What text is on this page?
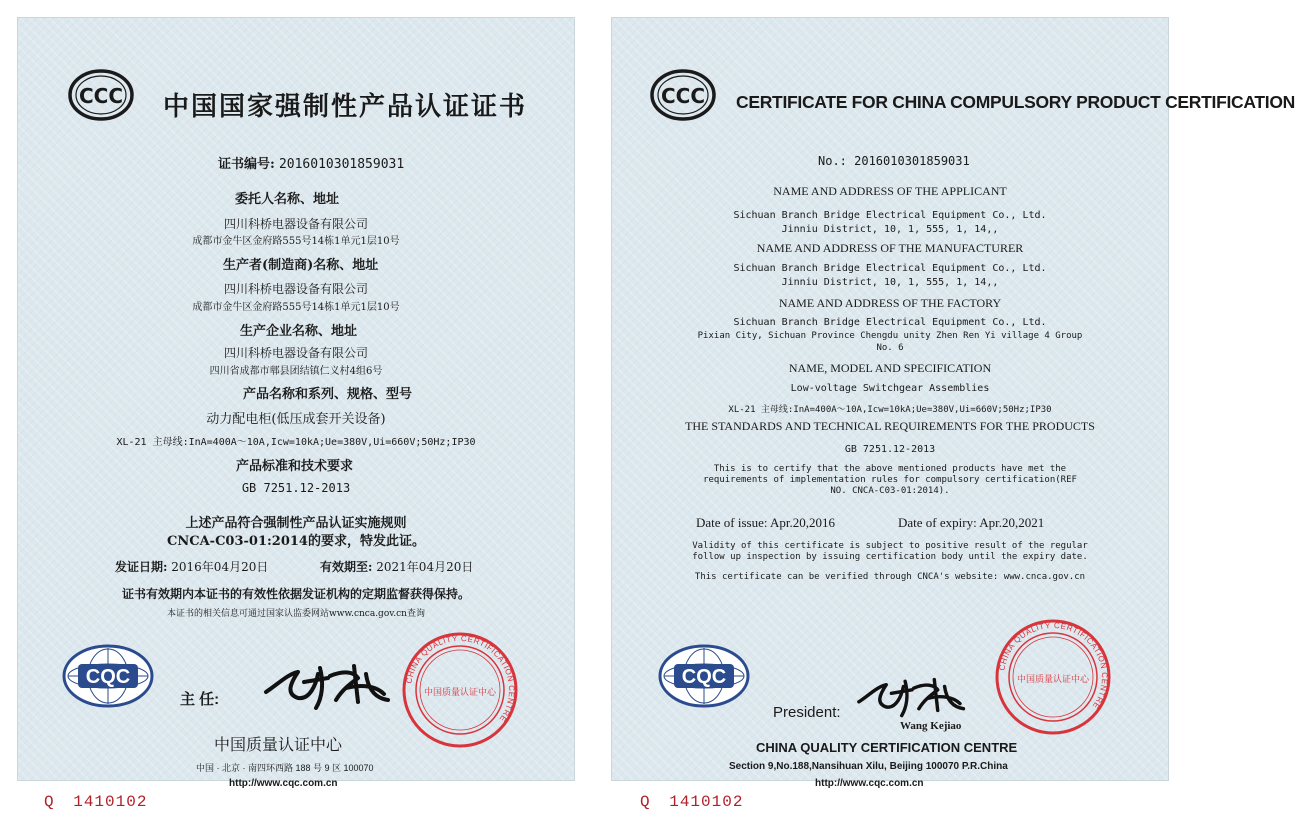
CCC 中国国家强制性产品认证证书
证书编号: 2016010301859031
委托人名称、地址
四川科桥电器设备有限公司
成都市金牛区金府路555号14栋1单元1层10号
生产者(制造商)名称、地址
四川科桥电器设备有限公司
成都市金牛区金府路555号14栋1单元1层10号
生产企业名称、地址
四川科桥电器设备有限公司
四川省成都市郫县团结镇仁义村4组6号
产品名称和系列、规格、型号
动力配电柜(低压成套开关设备)
XL-21 主母线:InA=400A～10A,Icw=10kA;Ue=380V,Ui=660V;50Hz;IP30
产品标准和技术要求
GB 7251.12-2013
上述产品符合强制性产品认证实施规则
CNCA-C03-01:2014的要求，特发此证。
发证日期: 2016年04月20日	有效期至: 2021年04月20日
证书有效期内本证书的有效性依据发证机构的定期监督获得保持。
本证书的相关信息可通过国家认监委网站www.cnca.gov.cn查询
CQC
主 任:
中国质量认证中心
中国 · 北京 · 南四环西路 188 号 9 区 100070
http://www.cqc.com.cn
CHINA QUALITY CERTIFICATION CENTRE
中国质量认证中心
Q 1410102
CCC CERTIFICATE FOR CHINA COMPULSORY PRODUCT CERTIFICATION
No.: 2016010301859031
NAME AND ADDRESS OF THE APPLICANT
Sichuan Branch Bridge Electrical Equipment Co., Ltd.
Jinniu District, 10, 1, 555, 1, 14,,
NAME AND ADDRESS OF THE MANUFACTURER
Sichuan Branch Bridge Electrical Equipment Co., Ltd.
Jinniu District, 10, 1, 555, 1, 14,,
NAME AND ADDRESS OF THE FACTORY
Sichuan Branch Bridge Electrical Equipment Co., Ltd.
Pixian City, Sichuan Province Chengdu unity Zhen Ren Yi village 4 Group
No. 6
NAME, MODEL AND SPECIFICATION
Low-voltage Switchgear Assemblies
XL-21 主母线:InA=400A～10A,Icw=10kA;Ue=380V,Ui=660V;50Hz;IP30
THE STANDARDS AND TECHNICAL REQUIREMENTS FOR THE PRODUCTS
GB 7251.12-2013
This is to certify that the above mentioned products have met the
requirements of implementation rules for compulsory certification(REF
NO. CNCA-C03-01:2014).
Date of issue: Apr.20,2016	Date of expiry: Apr.20,2021
Validity of this certificate is subject to positive result of the regular
follow up inspection by issuing certification body until the expiry date.
This certificate can be verified through CNCA's website: www.cnca.gov.cn
CQC
President:
Wang Kejiao
CHINA QUALITY CERTIFICATION CENTRE
Section 9,No.188,Nansihuan Xilu, Beijing 100070 P.R.China
http://www.cqc.com.cn
CHINA QUALITY CERTIFICATION CENTRE
中国质量认证中心
Q 1410102
